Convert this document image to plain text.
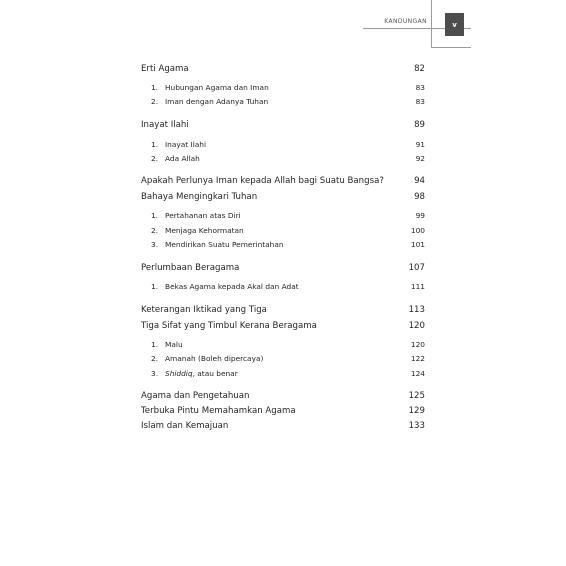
KANDUNGAN	v
Erti Agama	82
1. Hubungan Agama dan Iman	83
2. Iman dengan Adanya Tuhan	83
Inayat Ilahi	89
1. Inayat Ilahi	91
2. Ada Allah	92
Apakah Perlunya Iman kepada Allah bagi Suatu Bangsa?	94
Bahaya Mengingkari Tuhan	98
1. Pertahanan atas Diri	99
2. Menjaga Kehormatan	100
3. Mendirikan Suatu Pemerintahan	101
Perlumbaan Beragama	107
1. Bekas Agama kepada Akal dan Adat	111
Keterangan Iktikad yang Tiga	113
Tiga Sifat yang Timbul Kerana Beragama	120
1. Malu	120
2. Amanah (Boleh dipercaya)	122
3. Shiddiq, atau benar	124
Agama dan Pengetahuan	125
Terbuka Pintu Memahamkan Agama	129
Islam dan Kemajuan	133
